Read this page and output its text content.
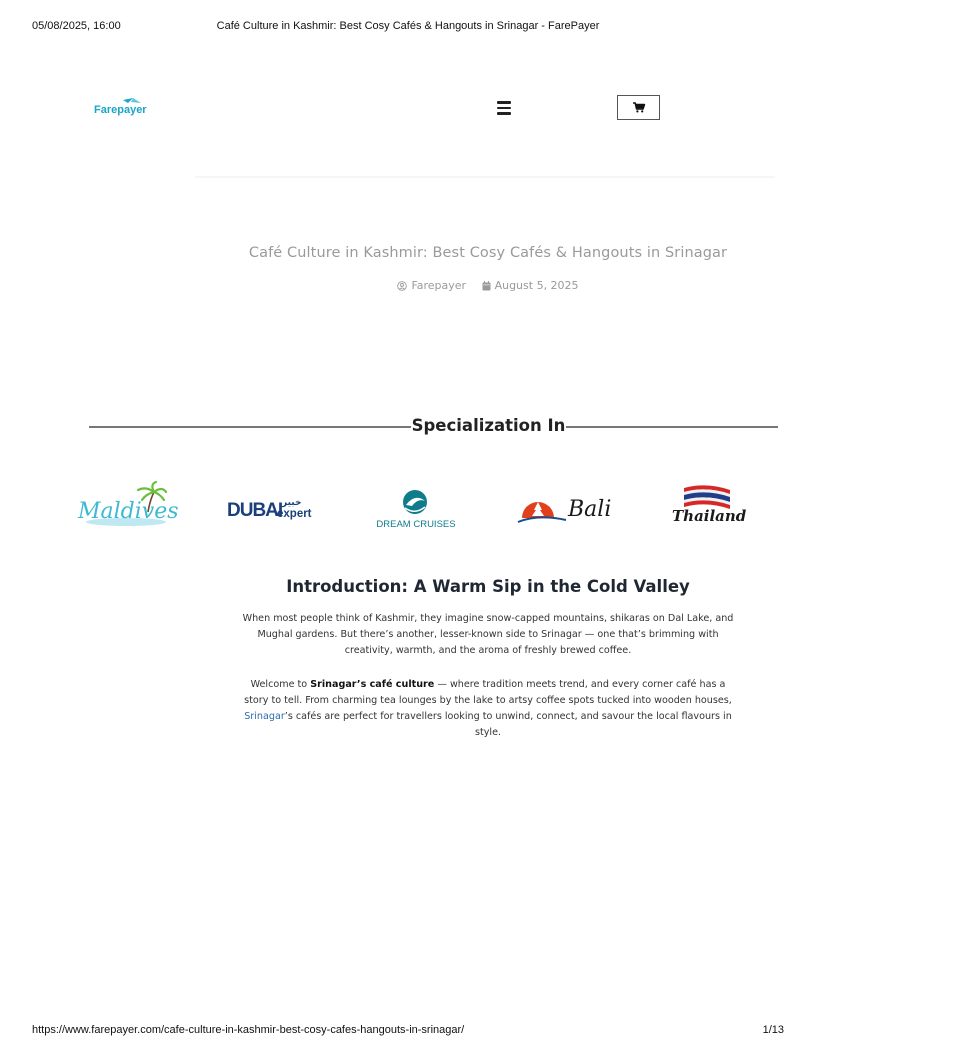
05/08/2025, 16:00	Café Culture in Kashmir: Best Cosy Cafés & Hangouts in Srinagar - FarePayer
https://www.farepayer.com/cafe-culture-in-kashmir-best-cosy-cafes-hangouts-in-srinagar/	1/13
Farepayer
Café Culture in Kashmir: Best Cosy Cafés & Hangouts in Srinagar
Farepayer
	August 5, 2025
Specialization In
Maldives	DUBAI خبير
expert
DREAM CRUISES
Bali	Thailand
Introduction: A Warm Sip in the Cold Valley
When most people think of Kashmir, they imagine snow-capped mountains, shikaras on Dal Lake, and Mughal gardens. But there’s another, lesser-known side to Srinagar — one that’s brimming with creativity, warmth, and the aroma of freshly brewed coffee.
Welcome to Srinagar’s café culture — where tradition meets trend, and every corner café has a story to tell. From charming tea lounges by the lake to artsy coffee spots tucked into wooden houses, Srinagar’s cafés are perfect for travellers looking to unwind, connect, and savour the local flavours in style.
